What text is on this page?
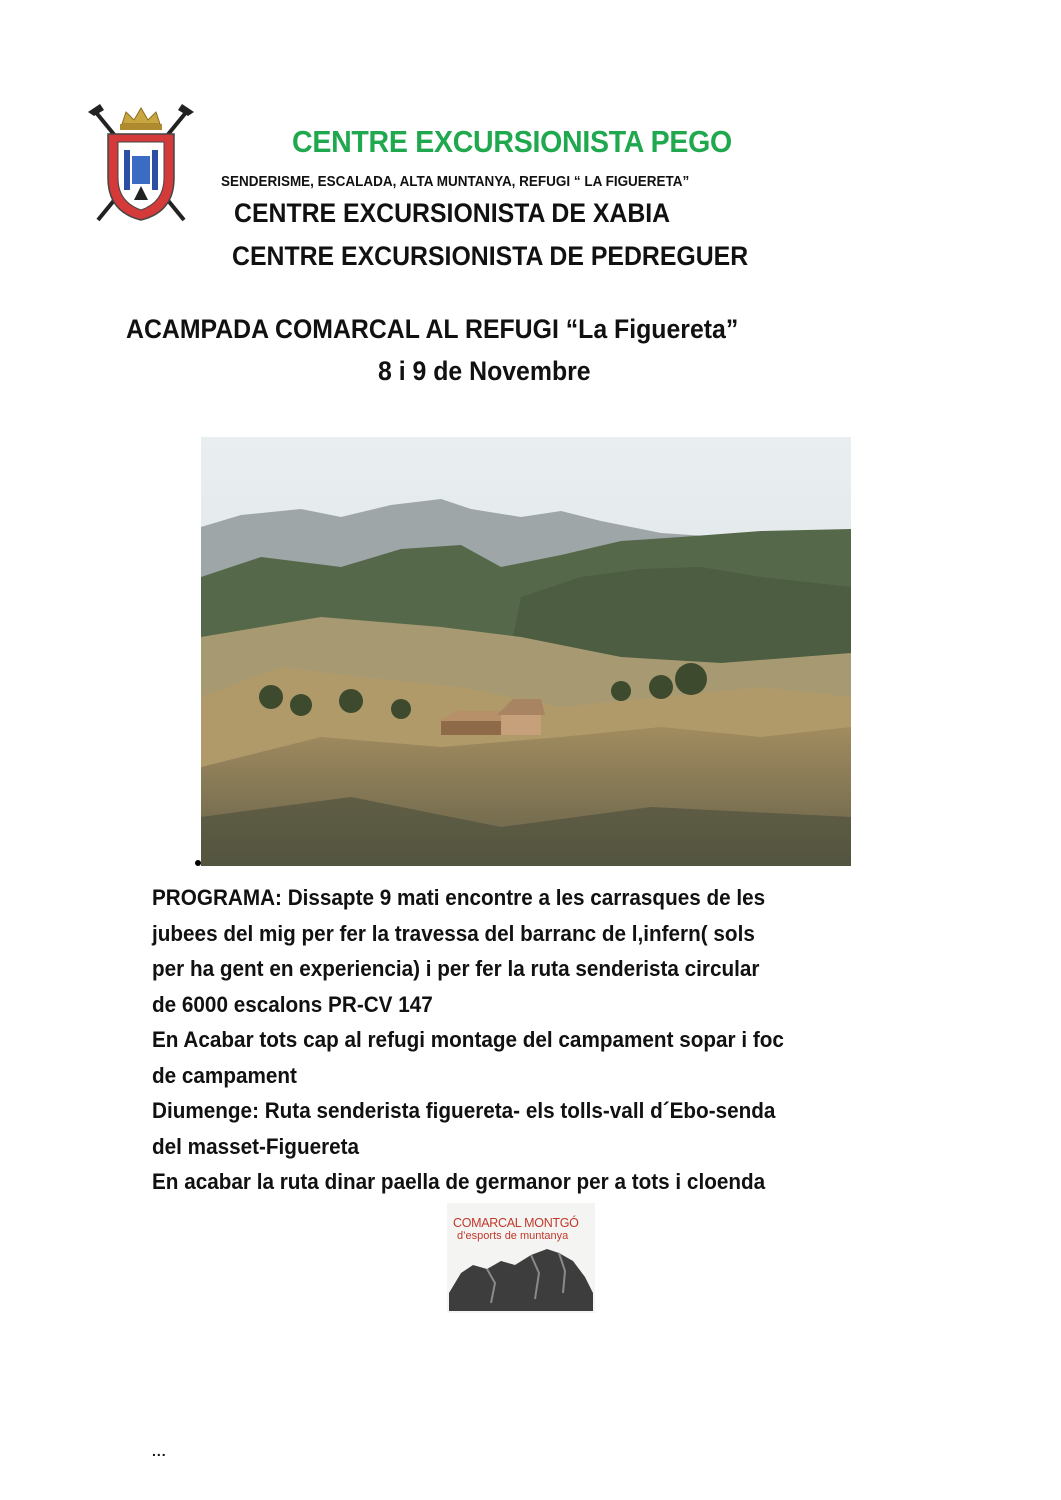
CENTRE EXCURSIONISTA PEGO
SENDERISME, ESCALADA, ALTA MUNTANYA, REFUGI “ LA FIGUERETA”
CENTRE EXCURSIONISTA DE XABIA
CENTRE EXCURSIONISTA DE PEDREGUER
ACAMPADA COMARCAL AL REFUGI “La Figuereta”
8 i 9 de Novembre

PROGRAMA: Dissapte 9 mati encontre a les carrasques de les

jubees del mig per fer la travessa del barranc de l,infern( sols

per ha gent en experiencia) i per fer la ruta senderista circular

de 6000 escalons PR-CV 147

En Acabar tots cap al refugi montage del campament sopar i foc

de campament

Diumenge: Ruta senderista figuereta- els tolls-vall d´Ebo-senda

del masset-Figuereta

En acabar la ruta dinar paella de germanor per a tots i cloenda

COMARCAL MONTGÓ
d’esports de muntanya
...
